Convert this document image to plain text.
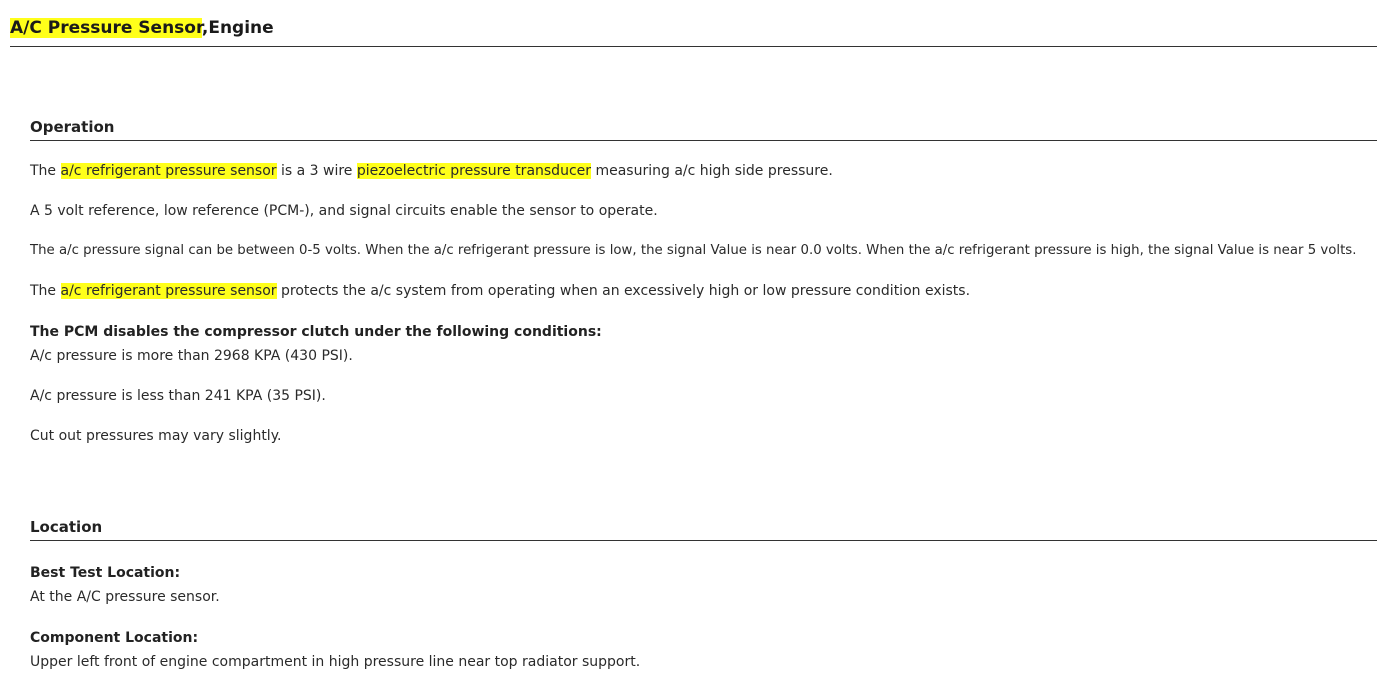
A/C Pressure Sensor,Engine
Operation
The a/c refrigerant pressure sensor is a 3 wire piezoelectric pressure transducer measuring a/c high side pressure.
A 5 volt reference, low reference (PCM-), and signal circuits enable the sensor to operate.
The a/c pressure signal can be between 0-5 volts. When the a/c refrigerant pressure is low, the signal Value is near 0.0 volts. When the a/c refrigerant pressure is high, the signal Value is near 5 volts.
The a/c refrigerant pressure sensor protects the a/c system from operating when an excessively high or low pressure condition exists.
The PCM disables the compressor clutch under the following conditions:
A/c pressure is more than 2968 KPA (430 PSI).
A/c pressure is less than 241 KPA (35 PSI).
Cut out pressures may vary slightly.
Location
Best Test Location:
At the A/C pressure sensor.
Component Location:
Upper left front of engine compartment in high pressure line near top radiator support.
